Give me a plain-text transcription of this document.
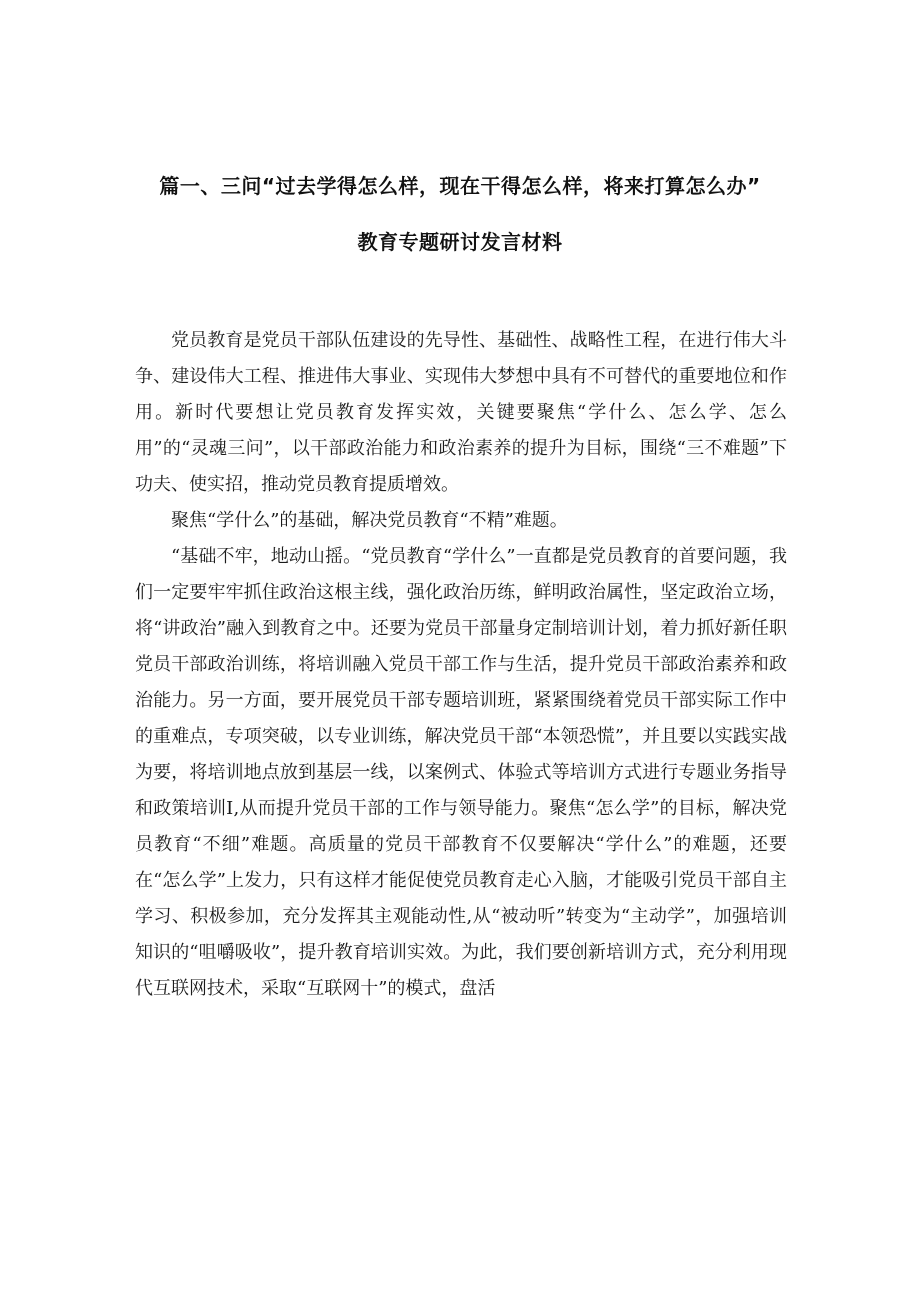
篇一、三问“过去学得怎么样，现在干得怎么样，将来打算怎么办”
教育专题研讨发言材料

党员教育是党员干部队伍建设的先导性、基础性、战略性工程，在进行伟大斗争、建设伟大工程、推进伟大事业、实现伟大梦想中具有不可替代的重要地位和作用。新时代要想让党员教育发挥实效，关键要聚焦“学什么、怎么学、怎么用”的“灵魂三问”，以干部政治能力和政治素养的提升为目标，围绕“三不难题”下功夫、使实招，推动党员教育提质增效。

聚焦“学什么”的基础，解决党员教育“不精”难题。

“基础不牢，地动山摇。“党员教育“学什么”一直都是党员教育的首要问题，我们一定要牢牢抓住政治这根主线，强化政治历练，鲜明政治属性，坚定政治立场，将“讲政治”融入到教育之中。还要为党员干部量身定制培训计划，着力抓好新任职党员干部政治训练，将培训融入党员干部工作与生活，提升党员干部政治素养和政治能力。另一方面，要开展党员干部专题培训班，紧紧围绕着党员干部实际工作中的重难点，专项突破，以专业训练，解决党员干部“本领恐慌”，并且要以实践实战为要，将培训地点放到基层一线，以案例式、体验式等培训方式进行专题业务指导和政策培训Ⅰ,从而提升党员干部的工作与领导能力。聚焦“怎么学”的目标，解决党员教育“不细”难题。高质量的党员干部教育不仅要解决“学什么”的难题，还要在“怎么学”上发力，只有这样才能促使党员教育走心入脑，才能吸引党员干部自主学习、积极参加，充分发挥其主观能动性,从“被动听”转变为“主动学”，加强培训知识的“咀嚼吸收”，提升教育培训实效。为此，我们要创新培训方式，充分利用现代互联网技术，采取“互联网十”的模式，盘活
